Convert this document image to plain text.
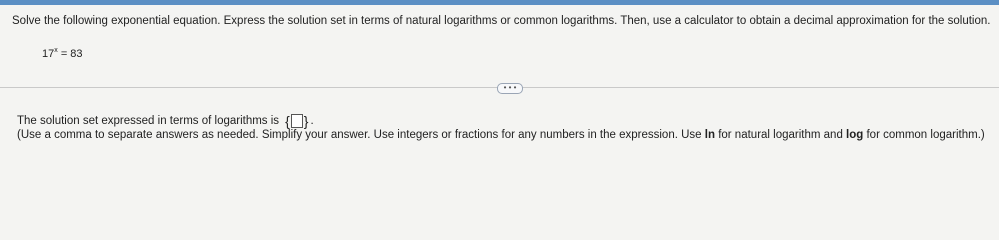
Solve the following exponential equation. Express the solution set in terms of natural logarithms or common logarithms. Then, use a calculator to obtain a decimal approximation for the solution.
$17^x = 83$
• • •
The solution set expressed in terms of logarithms is { } .
(Use a comma to separate answers as needed. Simplify your answer. Use integers or fractions for any numbers in the expression. Use ln for natural logarithm and log for common logarithm.)
